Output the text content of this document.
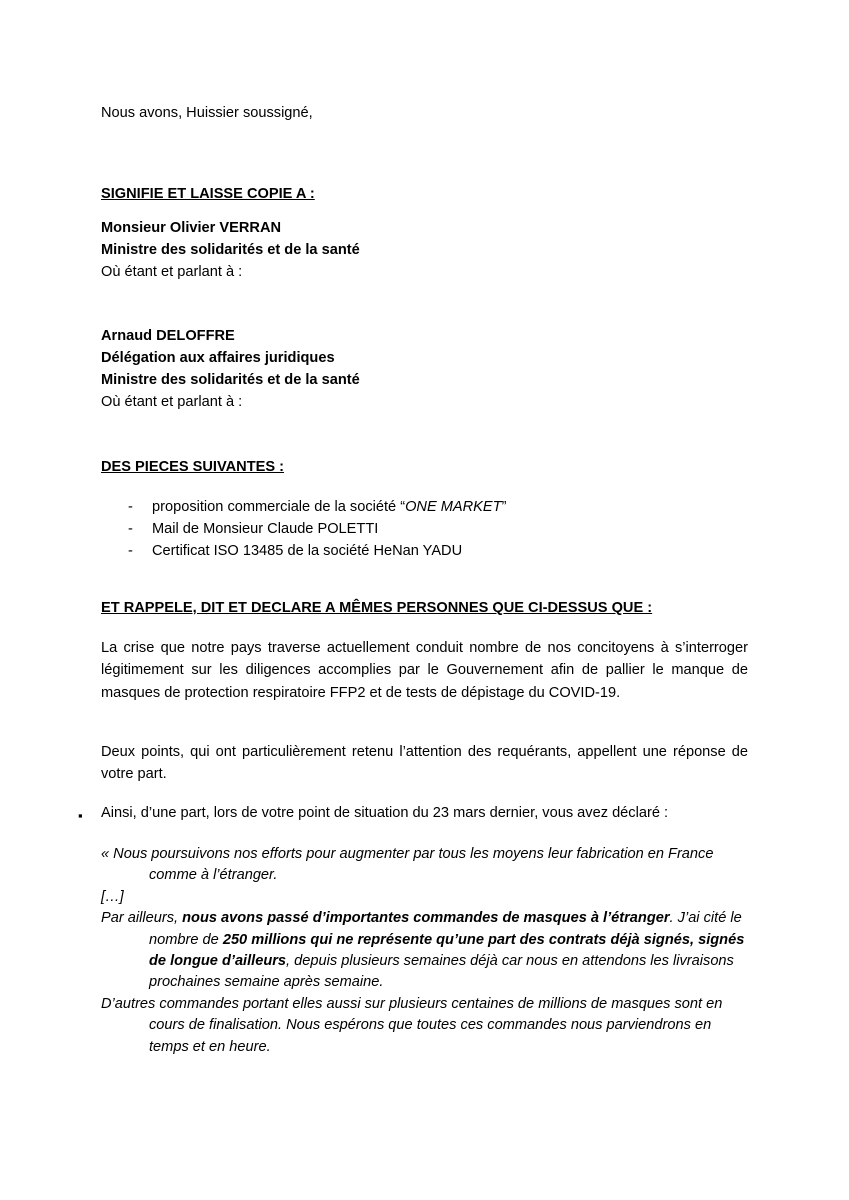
Nous avons, Huissier soussigné,

SIGNIFIE ET LAISSE COPIE A :

Monsieur Olivier VERRAN
Ministre des solidarités et de la santé
Où étant et parlant à :
Arnaud DELOFFRE
Délégation aux affaires juridiques
Ministre des solidarités et de la santé
Où étant et parlant à :

DES PIECES SUIVANTES :

- proposition commerciale de la société “ONE MARKET”
- Mail de Monsieur Claude POLETTI
- Certificat ISO 13485 de la société HeNan YADU

ET RAPPELE, DIT ET DECLARE A MÊMES PERSONNES QUE CI-DESSUS QUE :

La crise que notre pays traverse actuellement conduit nombre de nos concitoyens à s’interroger légitimement sur les diligences accomplies par le Gouvernement afin de pallier le manque de masques de protection respiratoire FFP2 et de tests de dépistage du COVID-19.

Deux points, qui ont particulièrement retenu l’attention des requérants, appellent une réponse de votre part.

Ainsi, d’une part, lors de votre point de situation du 23 mars dernier, vous avez déclaré :

« Nous poursuivons nos efforts pour augmenter par tous les moyens leur fabrication en France comme à l’étranger.

[…]

Par ailleurs, nous avons passé d’importantes commandes de masques à l’étranger. J’ai cité le nombre de 250 millions qui ne représente qu’une part des contrats déjà signés, signés de longue d’ailleurs, depuis plusieurs semaines déjà car nous en attendons les livraisons prochaines semaine après semaine.

D’autres commandes portant elles aussi sur plusieurs centaines de millions de masques sont en cours de finalisation. Nous espérons que toutes ces commandes nous parviendrons en temps et en heure.

▪
